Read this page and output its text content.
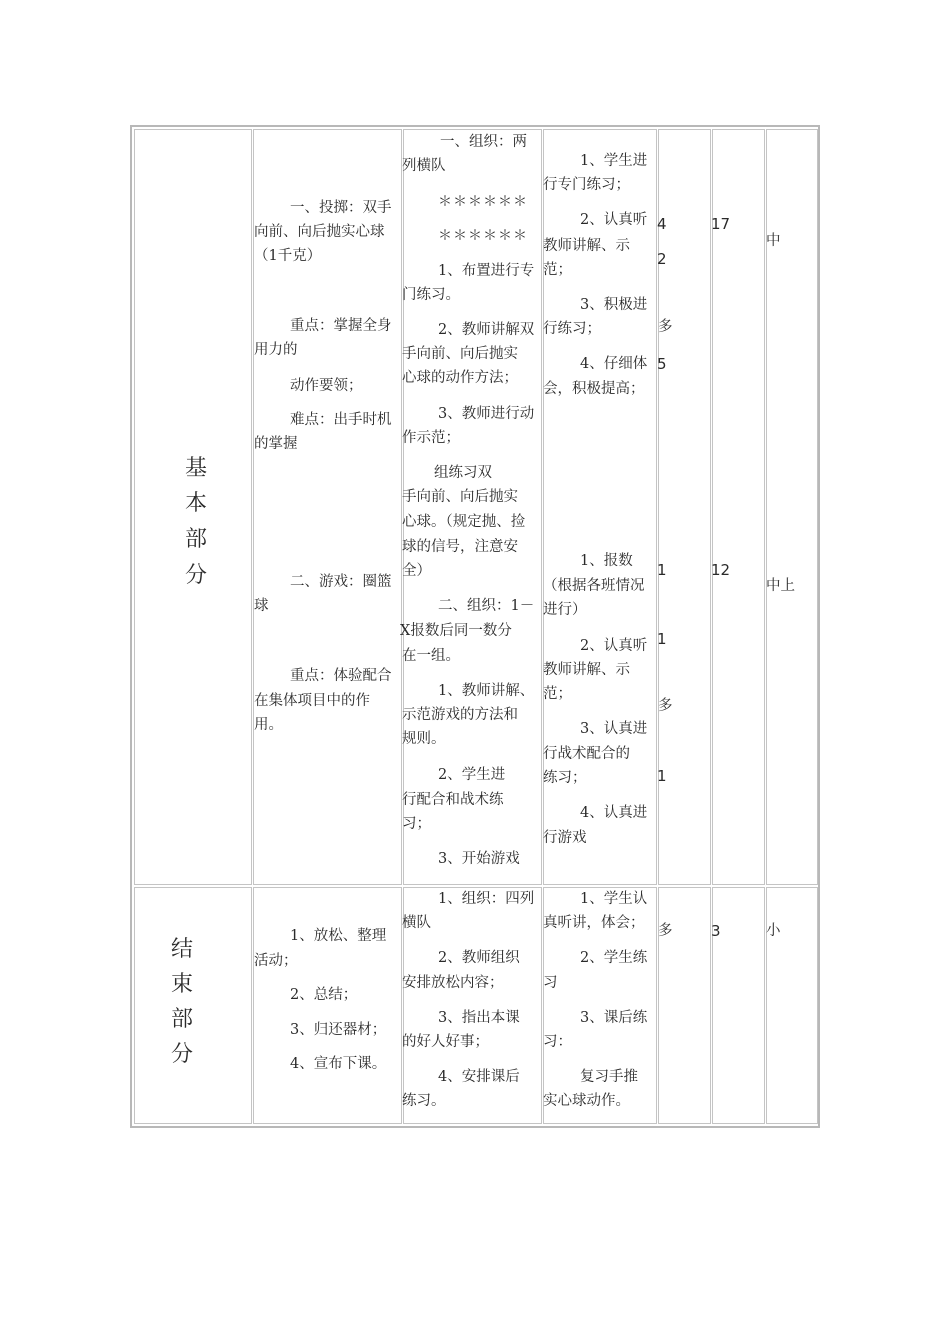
基
本
部
分
一、投掷：双手
向前、向后抛实心球
（1千克）
重点：掌握全身
用力的
动作要领；
难点：出手时机
的掌握
二、游戏：圈篮
球
重点：体验配合
在集体项目中的作
用。
一、组织：两
列横队
＊＊＊＊＊＊
＊＊＊＊＊＊
1、布置进行专
门练习。
2、教师讲解双
手向前、向后抛实
心球的动作方法；
3、教师进行动
作示范；
组练习双
手向前、向后抛实
心球。（规定抛、捡
球的信号，注意安
全）
二、组织：1－
X报数后同一数分
在一组。
1、教师讲解、
示范游戏的方法和
规则。
2、学生进
行配合和战术练
习；
3、开始游戏
1、学生进
行专门练习；
2、认真听
教师讲解、示
范；
3、积极进
行练习；
4、仔细体
会，积极提高；
1、报数
（根据各班情况
进行）
2、认真听
教师讲解、示
范；
3、认真进
行战术配合的
练习；
4、认真进
行游戏
4
2
多
5
1
1
多
1
17
12
中
中上
结
束
部
分
1、放松、整理
活动；
2、总结；
3、归还器材；
4、宣布下课。
1、组织：四列
横队
2、教师组织
安排放松内容；
3、指出本课
的好人好事；
4、安排课后
练习。
1、学生认
真听讲，体会；
2、学生练
习
3、课后练
习：
复习手推
实心球动作。
多	3	小
